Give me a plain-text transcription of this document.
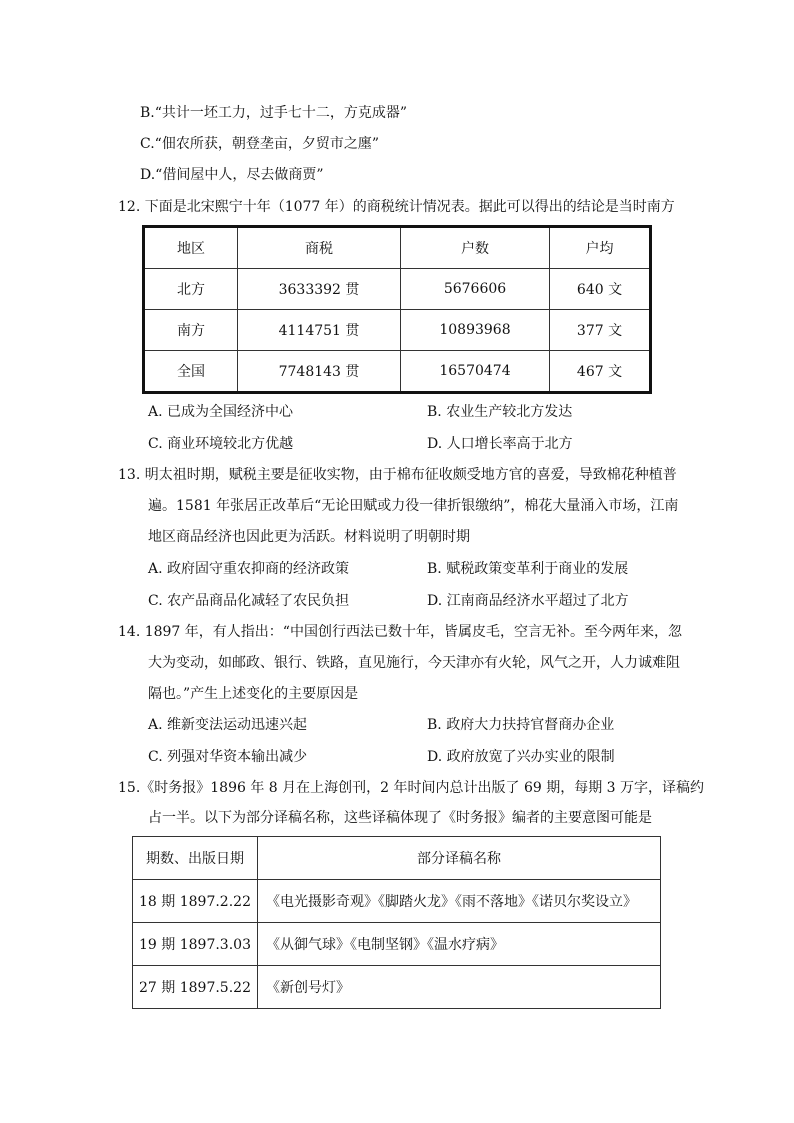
B.“共计一坯工力，过手七十二，方克成器”
C.“佃农所获，朝登垄亩，夕贸市之廛”
D.“借间屋中人，尽去做商贾”
12. 下面是北宋熙宁十年（1077 年）的商税统计情况表。据此可以得出的结论是当时南方
地区	商税	户数	户均
北方	3633392 贯	5676606	640 文
南方	4114751 贯	10893968	377 文
全国	7748143 贯	16570474	467 文
A. 已成为全国经济中心	B. 农业生产较北方发达
C. 商业环境较北方优越	D. 人口增长率高于北方
13. 明太祖时期，赋税主要是征收实物，由于棉布征收颇受地方官的喜爱，导致棉花种植普
遍。1581 年张居正改革后“无论田赋或力役一律折银缴纳”，棉花大量涌入市场，江南
地区商品经济也因此更为活跃。材料说明了明朝时期
A. 政府固守重农抑商的经济政策	B. 赋税政策变革利于商业的发展
C. 农产品商品化减轻了农民负担	D. 江南商品经济水平超过了北方
14. 1897 年，有人指出：“中国创行西法已数十年，皆属皮毛，空言无补。至今两年来，忽
大为变动，如邮政、银行、铁路，直见施行，今天津亦有火轮，风气之开，人力诚难阻
隔也。”产生上述变化的主要原因是
A. 维新变法运动迅速兴起	B. 政府大力扶持官督商办企业
C. 列强对华资本输出减少	D. 政府放宽了兴办实业的限制
15.《时务报》1896 年 8 月在上海创刊，2 年时间内总计出版了 69 期，每期 3 万字，译稿约
占一半。以下为部分译稿名称，这些译稿体现了《时务报》编者的主要意图可能是
期数、出版日期	部分译稿名称
18 期 1897.2.22	《电光摄影奇观》《脚踏火龙》《雨不落地》《诺贝尔奖设立》
19 期 1897.3.03	《从御气球》《电制坚钢》《温水疗病》
27 期 1897.5.22	《新创号灯》
